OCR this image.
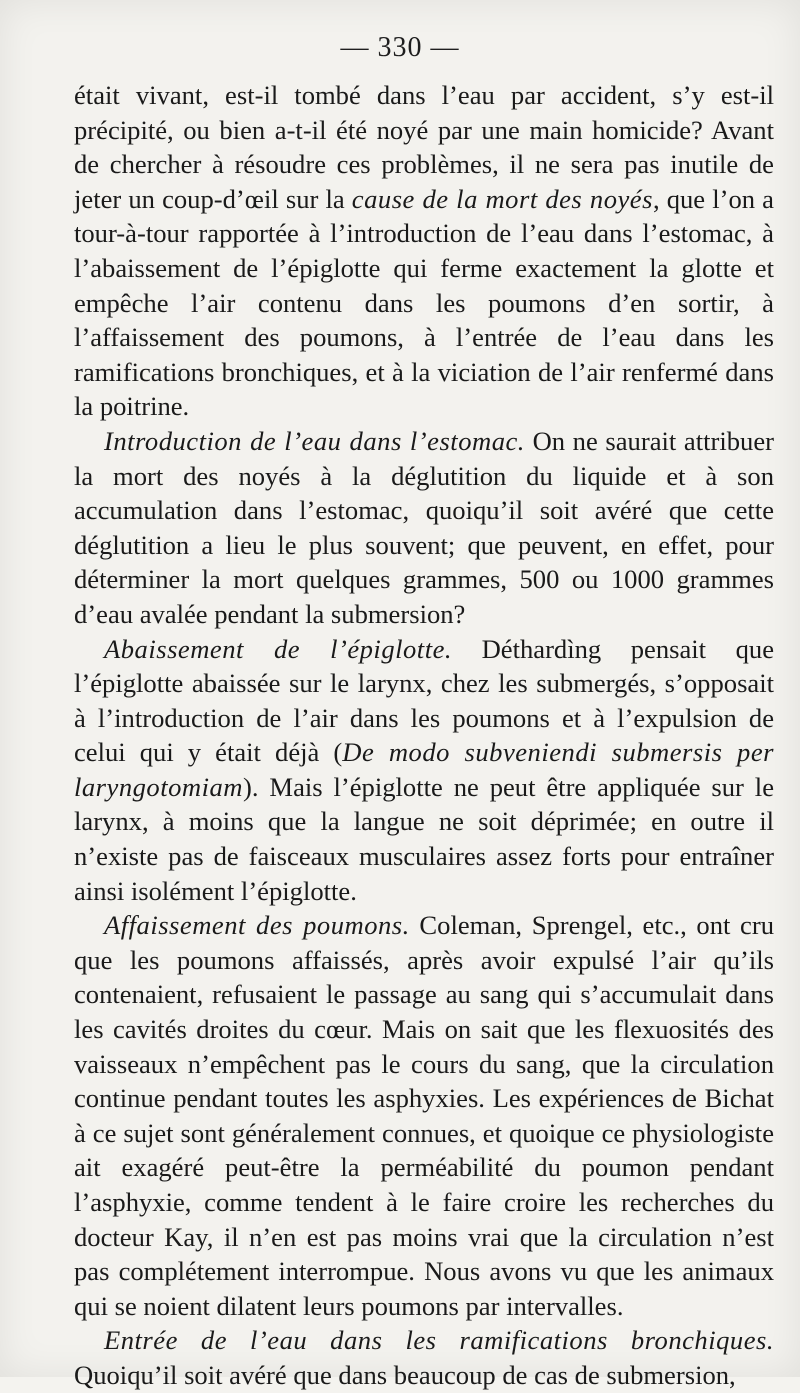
— 330 —

était vivant, est-il tombé dans l’eau par accident, s’y est-il précipité, ou bien a-t-il été noyé par une main homicide? Avant de chercher à résoudre ces problèmes, il ne sera pas inutile de jeter un coup-d’œil sur la cause de la mort des noyés, que l’on a tour-à-tour rapportée à l’introduction de l’eau dans l’estomac, à l’abaissement de l’épiglotte qui ferme exactement la glotte et empêche l’air contenu dans les poumons d’en sortir, à l’affaissement des poumons, à l’entrée de l’eau dans les ramifications bronchiques, et à la viciation de l’air renfermé dans la poitrine.

Introduction de l’eau dans l’estomac. On ne saurait attribuer la mort des noyés à la déglutition du liquide et à son accumulation dans l’estomac, quoiqu’il soit avéré que cette déglutition a lieu le plus souvent; que peuvent, en effet, pour déterminer la mort quelques grammes, 500 ou 1000 grammes d’eau avalée pendant la submersion?

Abaissement de l’épiglotte. Déthardìng pensait que l’épiglotte abaissée sur le larynx, chez les submergés, s’opposait à l’introduction de l’air dans les poumons et à l’expulsion de celui qui y était déjà (De modo subveniendi submersis per laryngotomiam). Mais l’épiglotte ne peut être appliquée sur le larynx, à moins que la langue ne soit déprimée; en outre il n’existe pas de faisceaux musculaires assez forts pour entraîner ainsi isolément l’épiglotte.

Affaissement des poumons. Coleman, Sprengel, etc., ont cru que les poumons affaissés, après avoir expulsé l’air qu’ils contenaient, refusaient le passage au sang qui s’accumulait dans les cavités droites du cœur. Mais on sait que les flexuosités des vaisseaux n’empêchent pas le cours du sang, que la circulation continue pendant toutes les asphyxies. Les expériences de Bichat à ce sujet sont généralement connues, et quoique ce physiologiste ait exagéré peut-être la perméabilité du poumon pendant l’asphyxie, comme tendent à le faire croire les recherches du docteur Kay, il n’en est pas moins vrai que la circulation n’est pas complétement interrompue. Nous avons vu que les animaux qui se noient dilatent leurs poumons par intervalles.

Entrée de l’eau dans les ramifications bronchiques. Quoiqu’il soit avéré que dans beaucoup de cas de submersion,
